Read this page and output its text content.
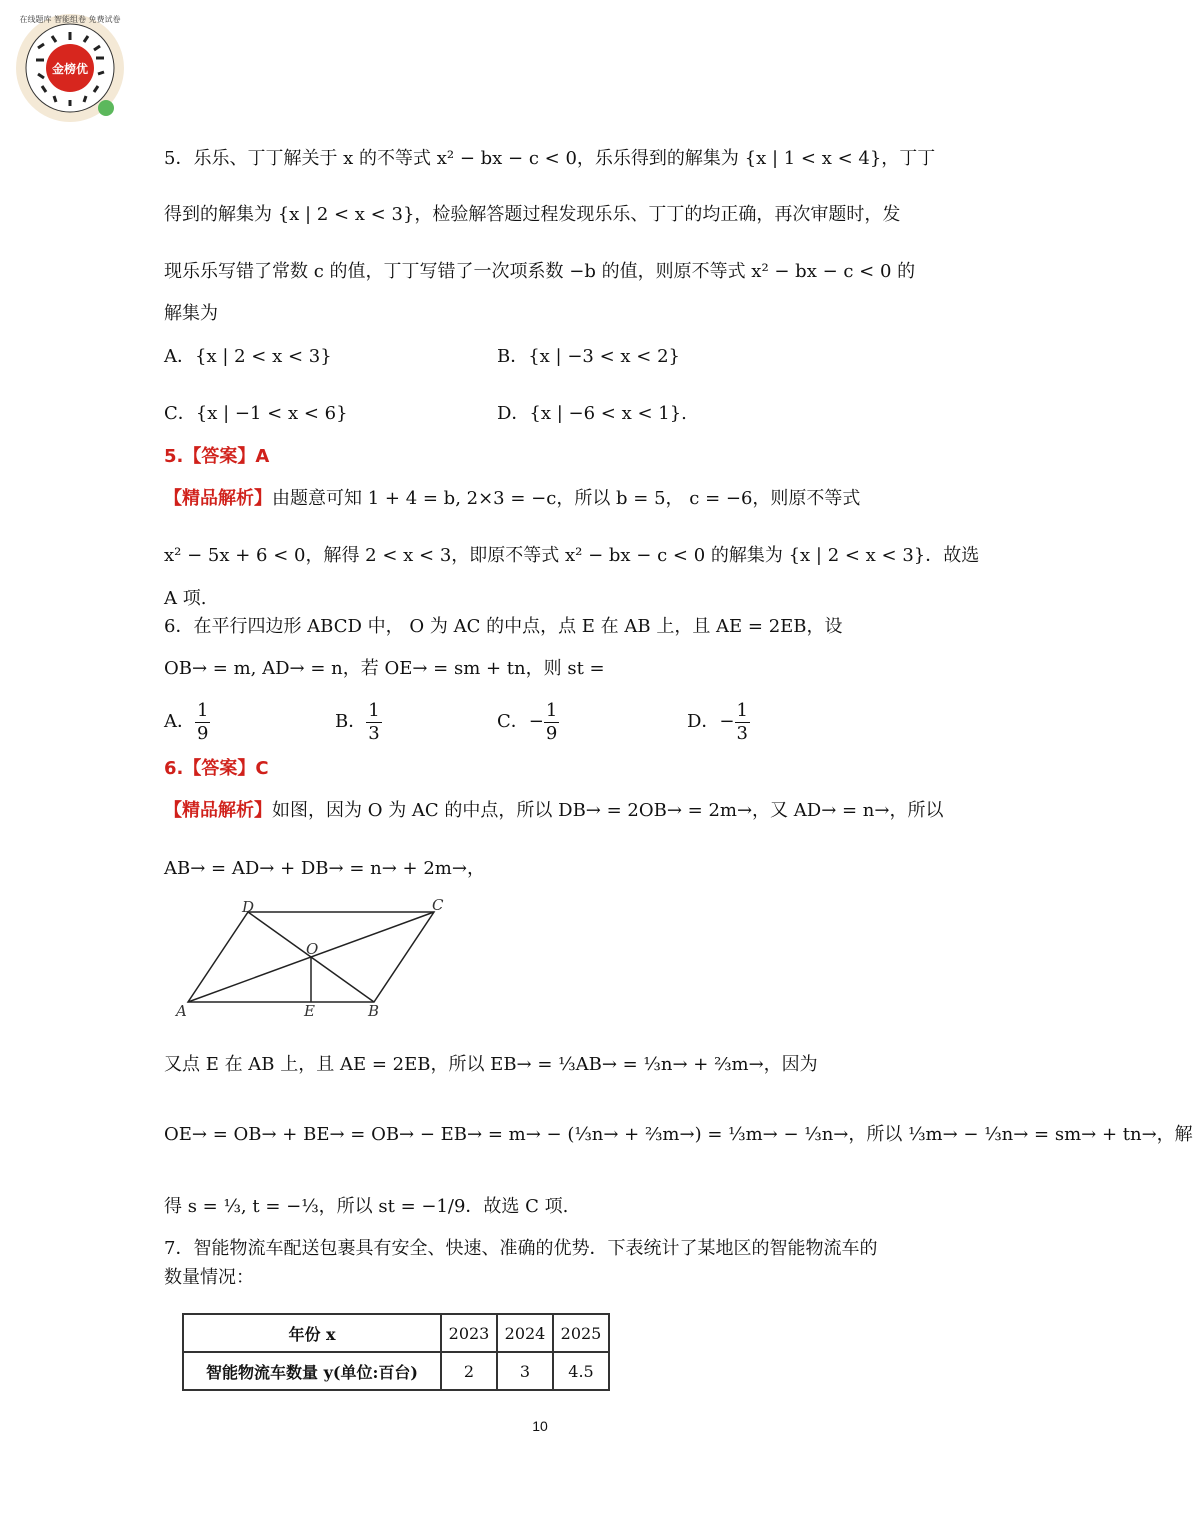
金榜优
在线题库 智能组卷 免费试卷
5．乐乐、丁丁解关于 x 的不等式 x² − bx − c < 0，乐乐得到的解集为 {x | 1 < x < 4}，丁丁
得到的解集为 {x | 2 < x < 3}，检验解答题过程发现乐乐、丁丁的均正确，再次审题时，发
现乐乐写错了常数 c 的值，丁丁写错了一次项系数 −b 的值，则原不等式 x² − bx − c < 0 的
解集为
A．{x | 2 < x < 3}	B．{x | −3 < x < 2}
C．{x | −1 < x < 6}	D．{x | −6 < x < 1}.
5.【答案】A
【精品解析】由题意可知 1 + 4 = b, 2×3 = −c，所以 b = 5， c = −6，则原不等式
x² − 5x + 6 < 0，解得 2 < x < 3，即原不等式 x² − bx − c < 0 的解集为 {x | 2 < x < 3}．故选
A 项.
6．在平行四边形 ABCD 中， O 为 AC 的中点，点 E 在 AB 上，且 AE = 2EB，设
OB→ = m, AD→ = n，若 OE→ = sm + tn，则 st =
A． $\frac{1}{9}$	B． $\frac{1}{3}$	C．− $\frac{1}{9}$	D．− $\frac{1}{3}$
6.【答案】C
【精品解析】如图，因为 O 为 AC 的中点，所以 DB→ = 2OB→ = 2m→，又 AD→ = n→，所以
AB→ = AD→ + DB→ = n→ + 2m→，
A	B
C
D
O
E
又点 E 在 AB 上，且 AE = 2EB，所以 EB→ = ⅓AB→ = ⅓n→ + ⅔m→，因为
OE→ = OB→ + BE→ = OB→ − EB→ = m→ − (⅓n→ + ⅔m→) = ⅓m→ − ⅓n→，所以 ⅓m→ − ⅓n→ = sm→ + tn→，解
得 s = ⅓, t = −⅓，所以 st = −1/9．故选 C 项.
7．智能物流车配送包裹具有安全、快速、准确的优势．下表统计了某地区的智能物流车的
数量情况：
年份 x	2023	2024	2025
智能物流车数量 y(单位:百台)	2	3	4.5
10
